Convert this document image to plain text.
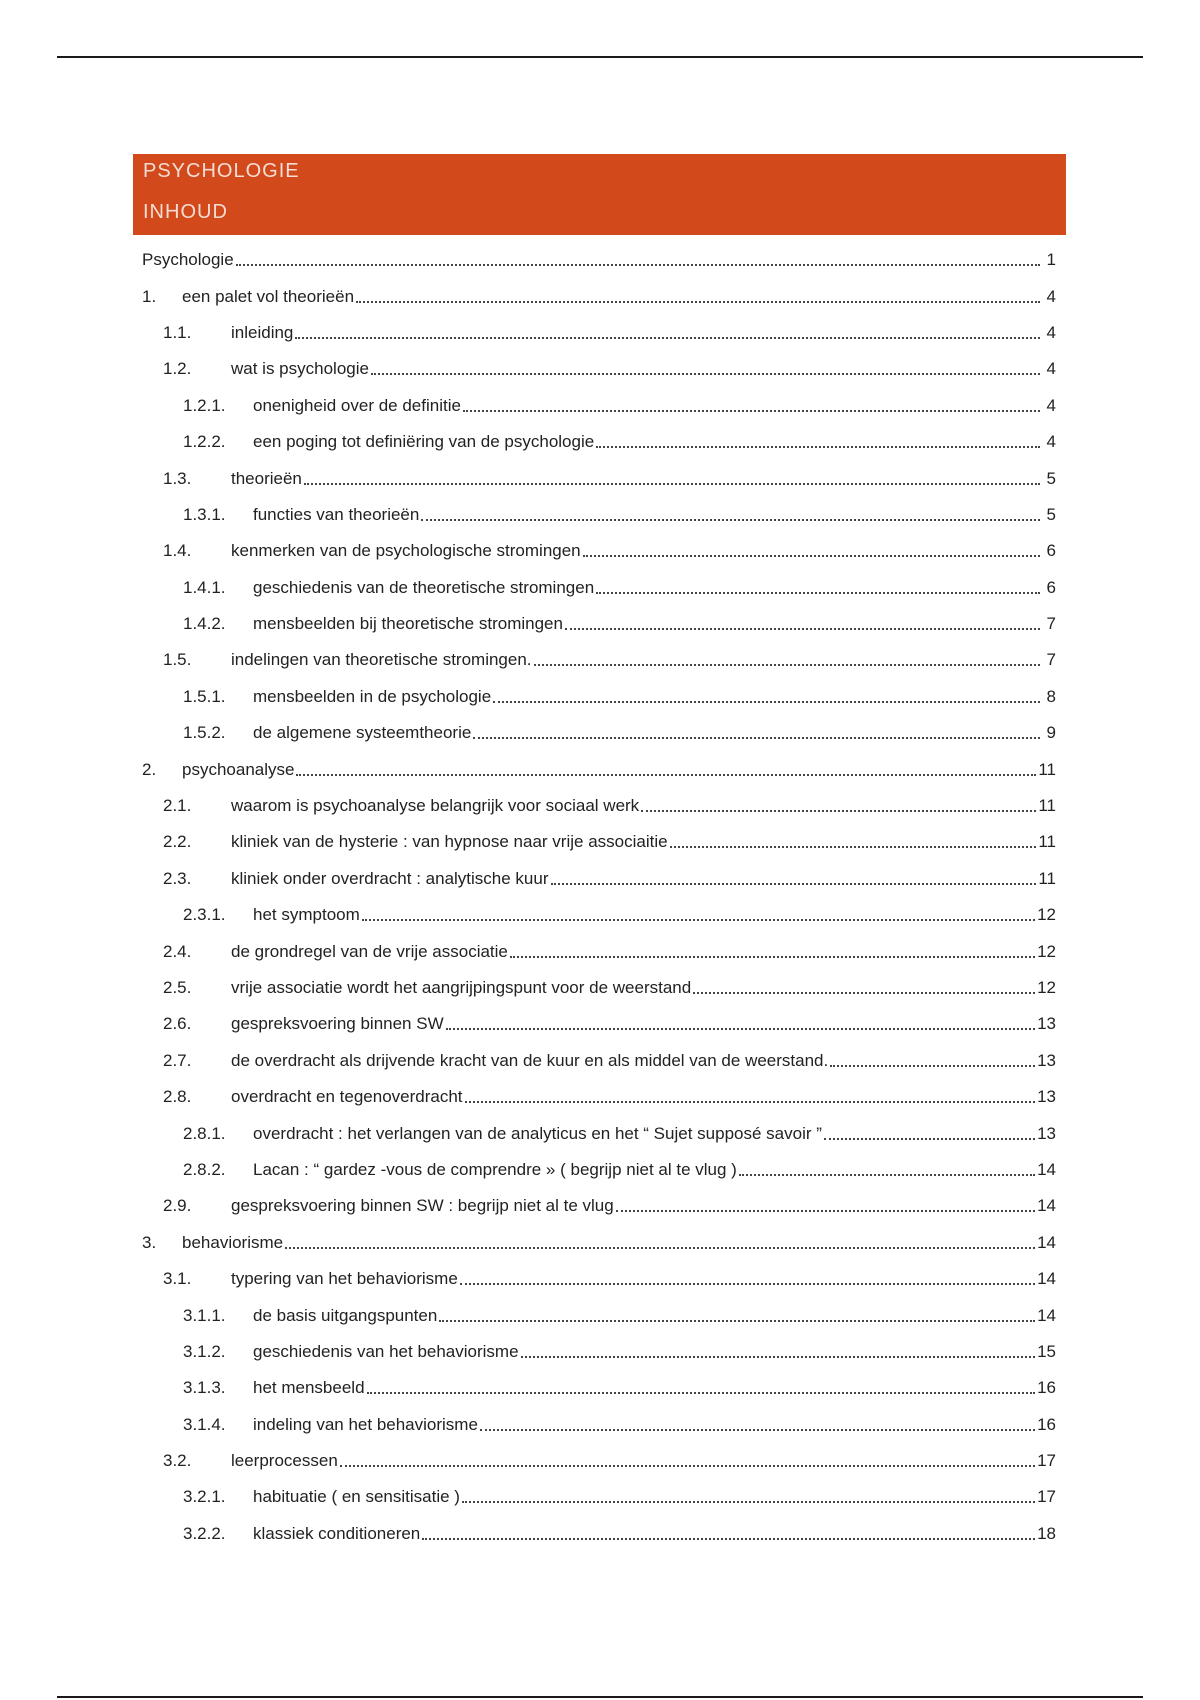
PSYCHOLOGIE
INHOUD
Psychologie	1
1.	een palet vol theorieën	4
1.1.	inleiding	4
1.2.	wat is psychologie	4
1.2.1.	onenigheid over de definitie	4
1.2.2.	een poging tot definiëring van de psychologie	4
1.3.	theorieën	5
1.3.1.	functies van theorieën	5
1.4.	kenmerken van de psychologische stromingen	6
1.4.1.	geschiedenis van de theoretische stromingen	6
1.4.2.	mensbeelden bij theoretische stromingen	7
1.5.	indelingen van theoretische stromingen.	7
1.5.1.	mensbeelden in de psychologie	8
1.5.2.	de algemene systeemtheorie	9
2.	psychoanalyse	11
2.1.	waarom is psychoanalyse belangrijk voor sociaal werk	11
2.2.	kliniek van de hysterie : van hypnose naar vrije associaitie	11
2.3.	kliniek onder overdracht : analytische kuur	11
2.3.1.	het symptoom	12
2.4.	de grondregel van de vrije associatie	12
2.5.	vrije associatie wordt het aangrijpingspunt voor de weerstand	12
2.6.	gespreksvoering binnen SW	13
2.7.	de overdracht als drijvende kracht van de kuur en als middel van de weerstand.	13
2.8.	overdracht en tegenoverdracht	13
2.8.1.	overdracht : het verlangen van de analyticus en het “ Sujet supposé savoir ”	13
2.8.2.	Lacan : “ gardez -vous de comprendre » ( begrijp niet al te vlug )	14
2.9.	gespreksvoering binnen SW : begrijp niet al te vlug	14
3.	behaviorisme	14
3.1.	typering van het behaviorisme	14
3.1.1.	de basis uitgangspunten	14
3.1.2.	geschiedenis van het behaviorisme	15
3.1.3.	het mensbeeld	16
3.1.4.	indeling van het behaviorisme	16
3.2.	leerprocessen	17
3.2.1.	habituatie ( en sensitisatie )	17
3.2.2.	klassiek conditioneren	18
